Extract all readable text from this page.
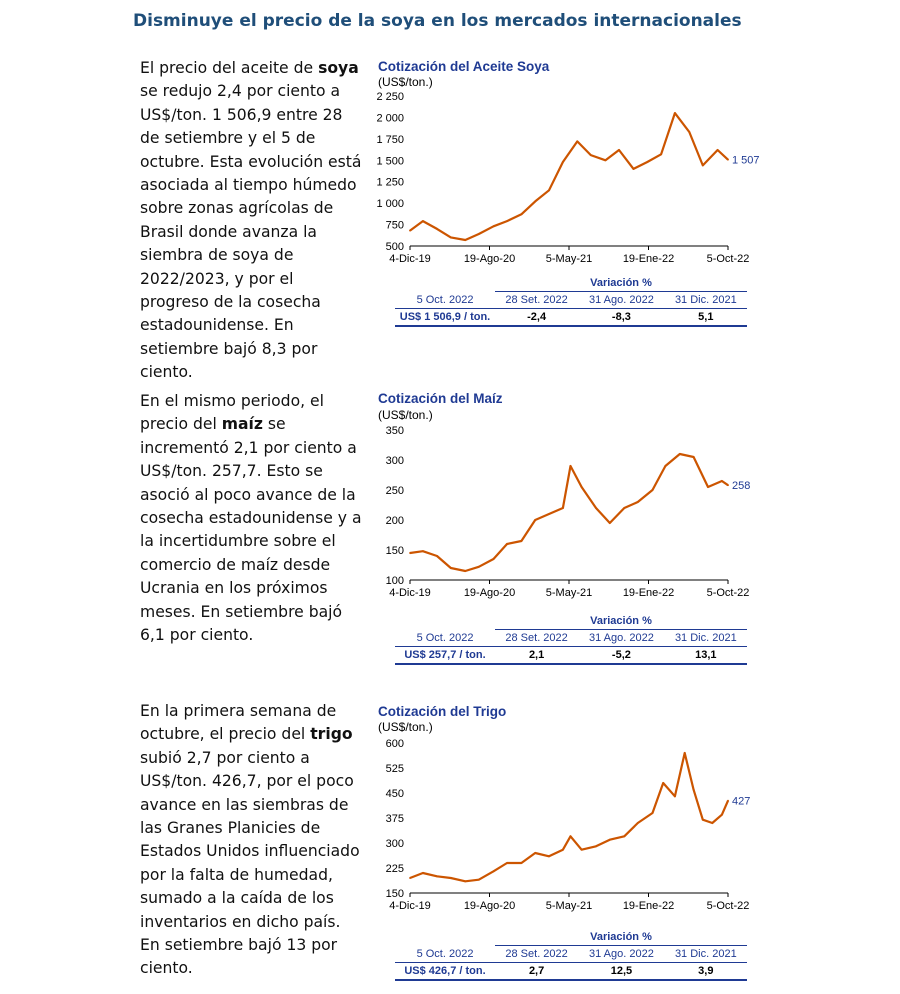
Disminuye el precio de la soya en los mercados internacionales
El precio del aceite de soya se redujo 2,4 por ciento a US$/ton. 1 506,9 entre 28 de setiembre y el 5 de octubre. Esta evolución está asociada al tiempo húmedo sobre zonas agrícolas de Brasil donde avanza la siembra de soya de 2022/2023, y por el progreso de la cosecha estadounidense. En setiembre bajó 8,3 por ciento.
Cotización del Aceite Soya
(US$/ton.)
500
750
1 000
1 250
1 500
1 750
2 000
2 250
4-Dic-19	19-Ago-20	5-May-21	19-Ene-22	5-Oct-22
1 507
	Variación %		
5 Oct. 2022	28 Set. 2022	31 Ago. 2022	31 Dic. 2021
US$ 1 506,9 / ton.	-2,4	-8,3	5,1
En el mismo periodo, el precio del maíz se incrementó 2,1 por ciento a US$/ton. 257,7. Esto se asoció al poco avance de la cosecha estadounidense y a la incertidumbre sobre el comercio de maíz desde Ucrania en los próximos meses. En setiembre bajó 6,1 por ciento.
Cotización del Maíz
(US$/ton.)
100
150
200
250
300
350
4-Dic-19	19-Ago-20	5-May-21	19-Ene-22	5-Oct-22
258
	Variación %		
5 Oct. 2022	28 Set. 2022	31 Ago. 2022	31 Dic. 2021
US$ 257,7 / ton.	2,1	-5,2	13,1
En la primera semana de octubre, el precio del trigo subió 2,7 por ciento a US$/ton. 426,7, por el poco avance en las siembras de las Granes Planicies de Estados Unidos influenciado por la falta de humedad, sumado a la caída de los inventarios en dicho país. En setiembre bajó 13 por ciento.
Cotización del Trigo
(US$/ton.)
150
225
300
375
450
525
600
4-Dic-19	19-Ago-20	5-May-21	19-Ene-22	5-Oct-22
427
	Variación %		
5 Oct. 2022	28 Set. 2022	31 Ago. 2022	31 Dic. 2021
US$ 426,7 / ton.	2,7	12,5	3,9
